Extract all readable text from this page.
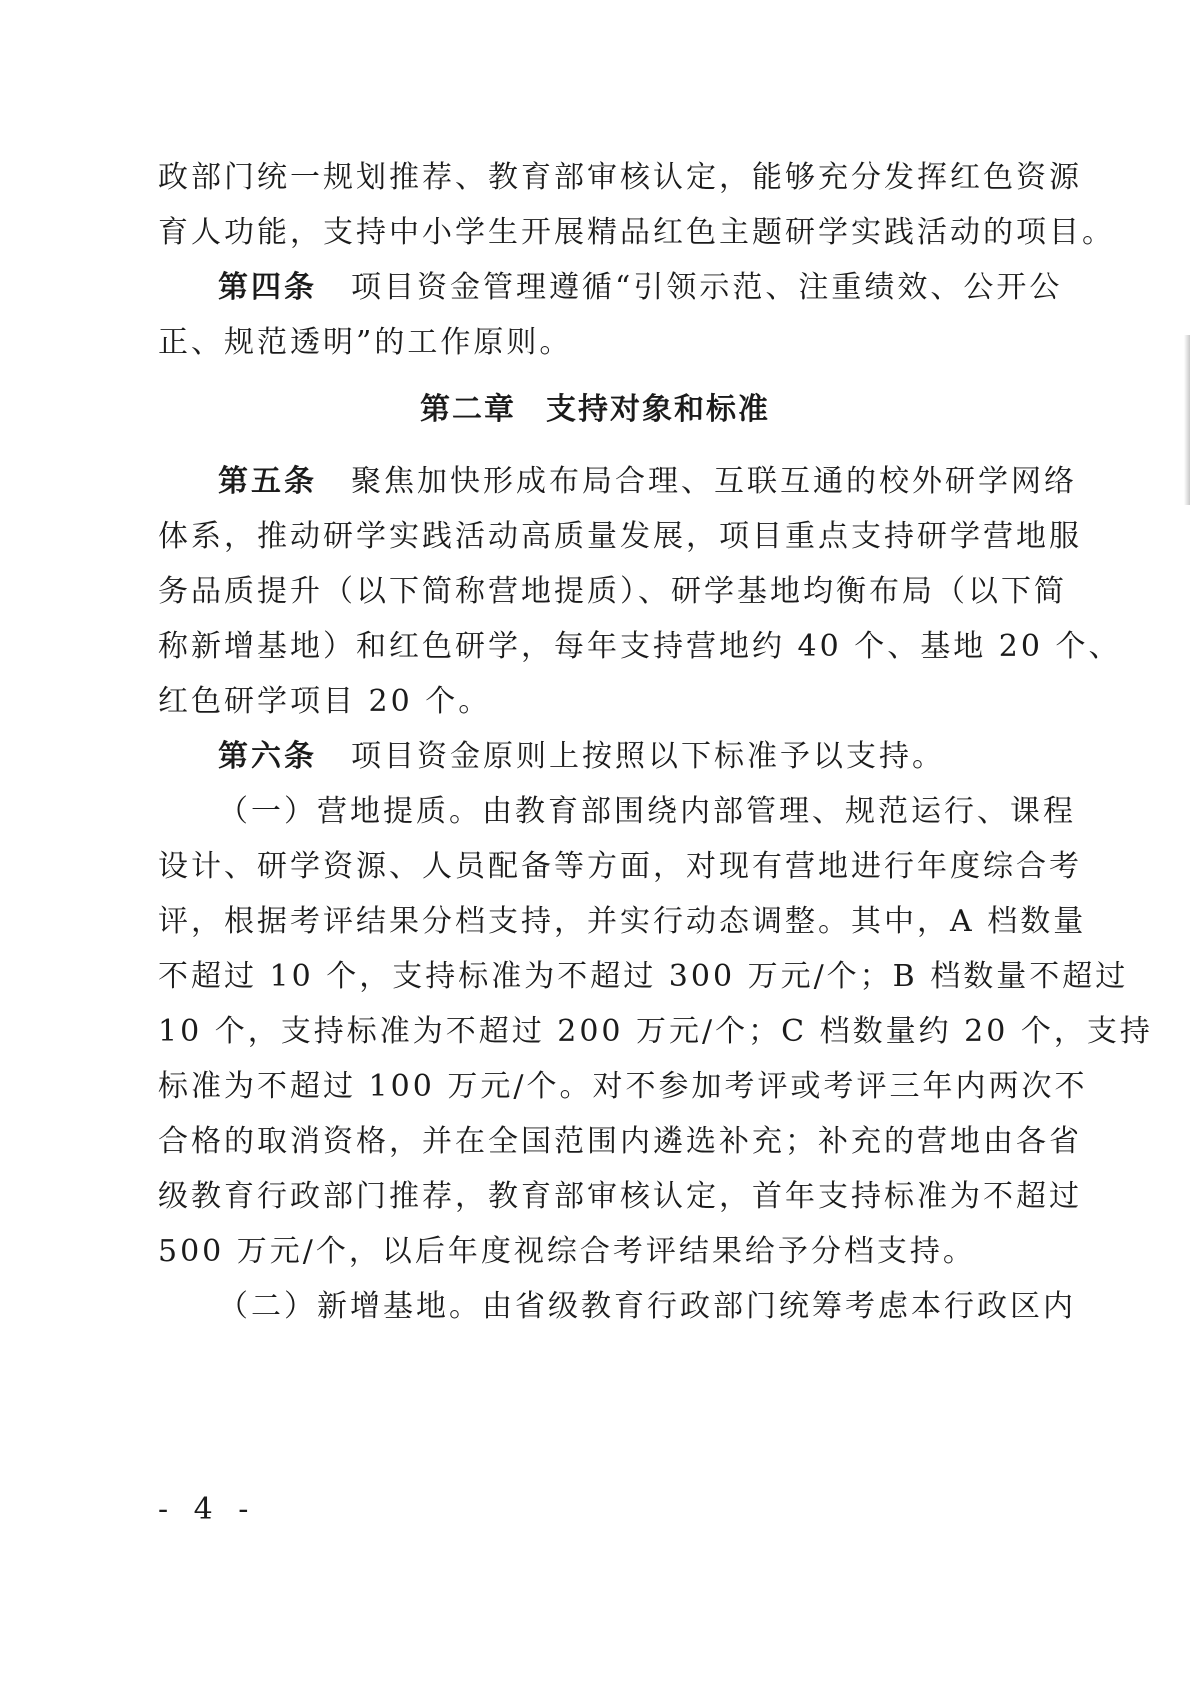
政部门统一规划推荐、教育部审核认定，能够充分发挥红色资源
育人功能，支持中小学生开展精品红色主题研学实践活动的项目。
第四条 项目资金管理遵循“引领示范、注重绩效、公开公
正、规范透明”的工作原则。
第二章 支持对象和标准
第五条 聚焦加快形成布局合理、互联互通的校外研学网络
体系，推动研学实践活动高质量发展，项目重点支持研学营地服
务品质提升（以下简称营地提质）、研学基地均衡布局（以下简
称新增基地）和红色研学，每年支持营地约 40 个、基地 20 个、
红色研学项目 20 个。
第六条 项目资金原则上按照以下标准予以支持。
（一）营地提质。由教育部围绕内部管理、规范运行、课程
设计、研学资源、人员配备等方面，对现有营地进行年度综合考
评，根据考评结果分档支持，并实行动态调整。其中，A 档数量
不超过 10 个，支持标准为不超过 300 万元/个；B 档数量不超过
10 个，支持标准为不超过 200 万元/个；C 档数量约 20 个，支持
标准为不超过 100 万元/个。对不参加考评或考评三年内两次不
合格的取消资格，并在全国范围内遴选补充；补充的营地由各省
级教育行政部门推荐，教育部审核认定，首年支持标准为不超过
500 万元/个，以后年度视综合考评结果给予分档支持。
（二）新增基地。由省级教育行政部门统筹考虑本行政区内
- 4 -
